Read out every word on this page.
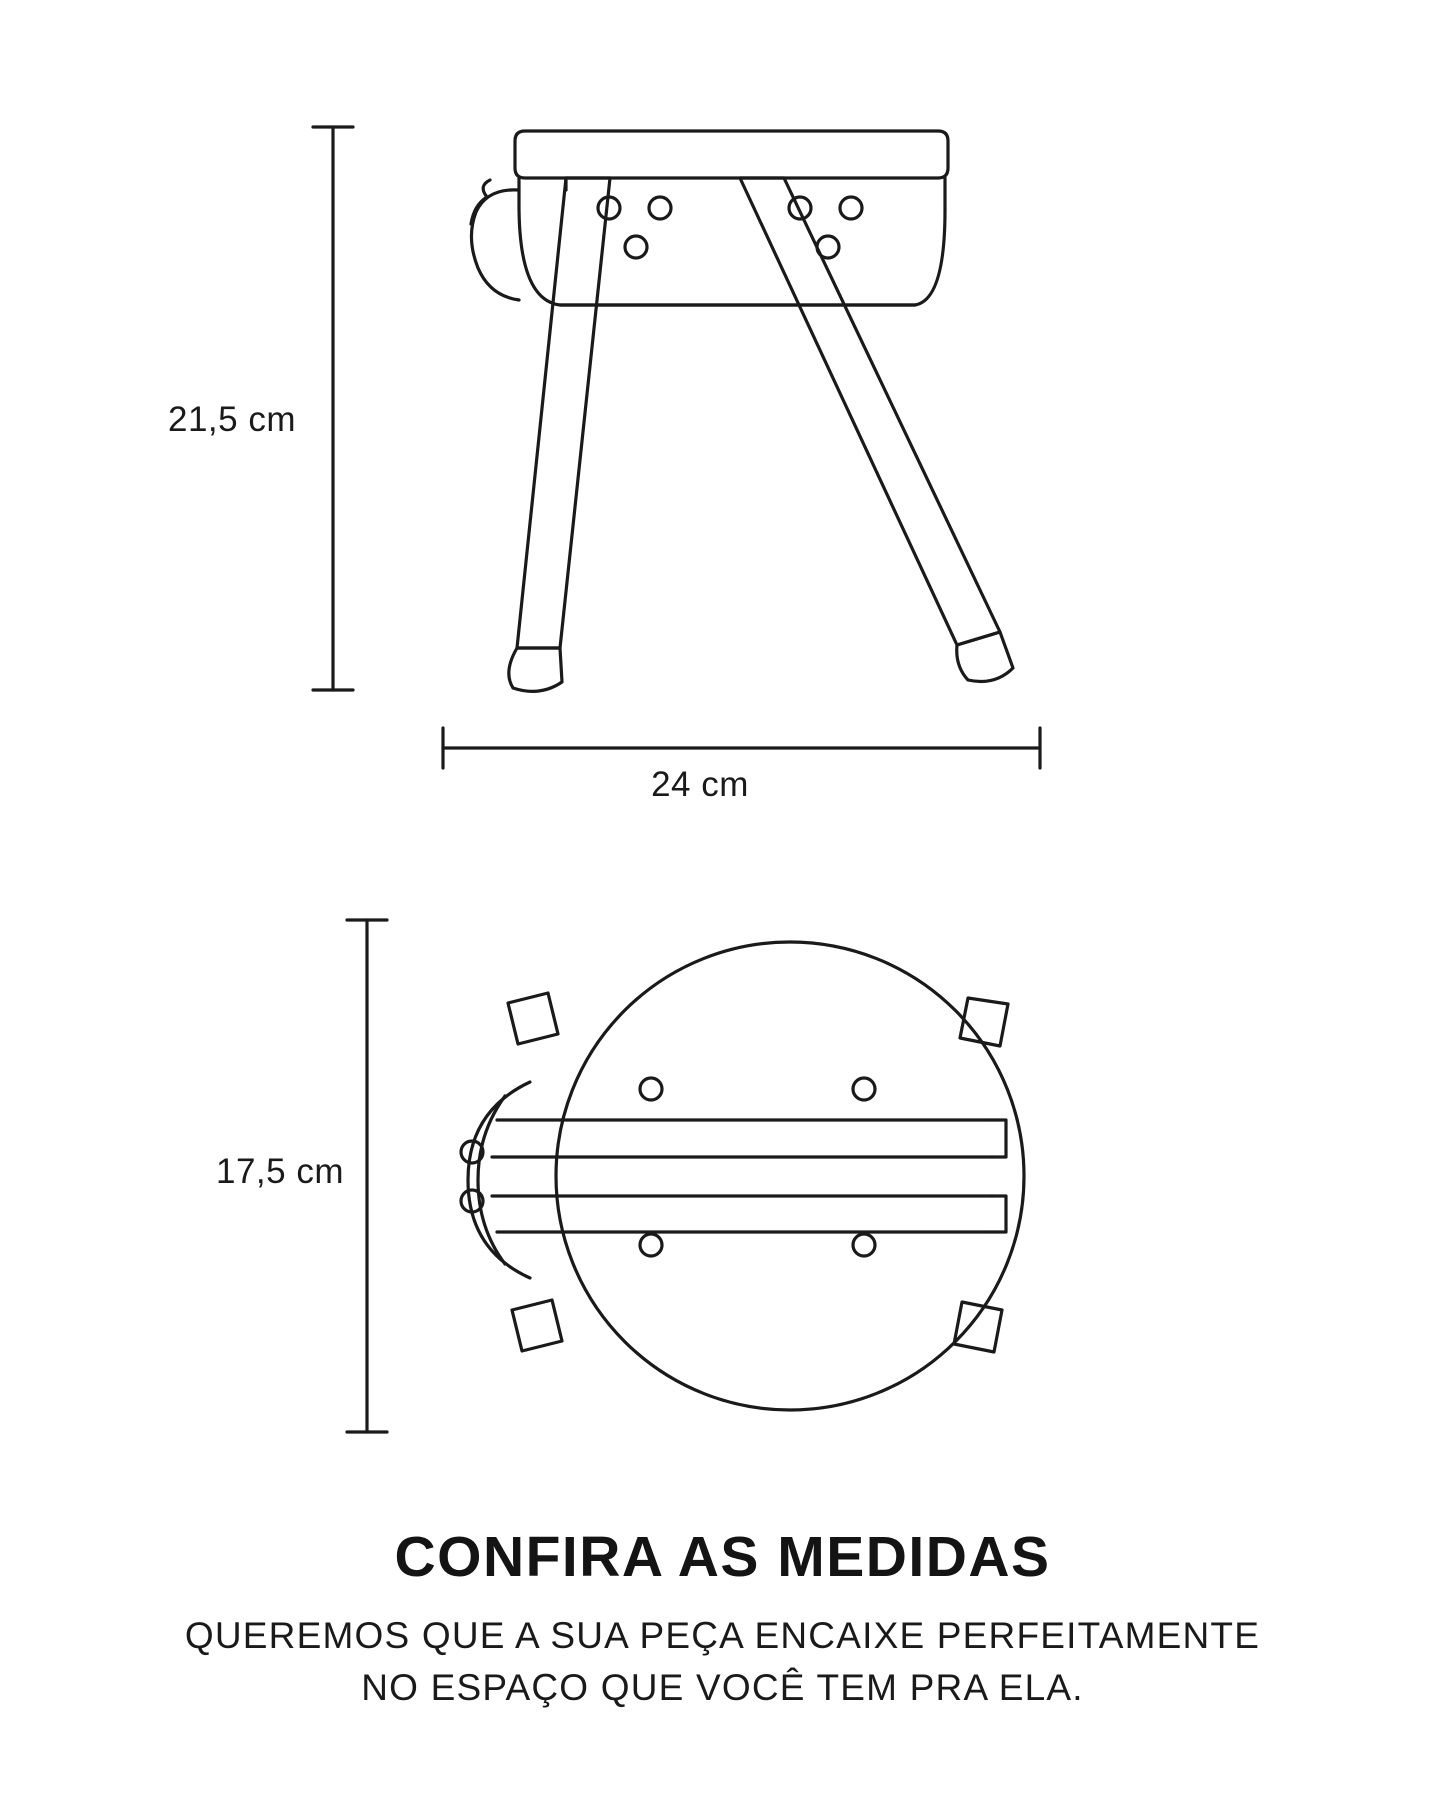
21,5 cm
24 cm
17,5 cm
CONFIRA AS MEDIDAS

QUEREMOS QUE A SUA PEÇA ENCAIXE PERFEITAMENTE
NO ESPAÇO QUE VOCÊ TEM PRA ELA.
